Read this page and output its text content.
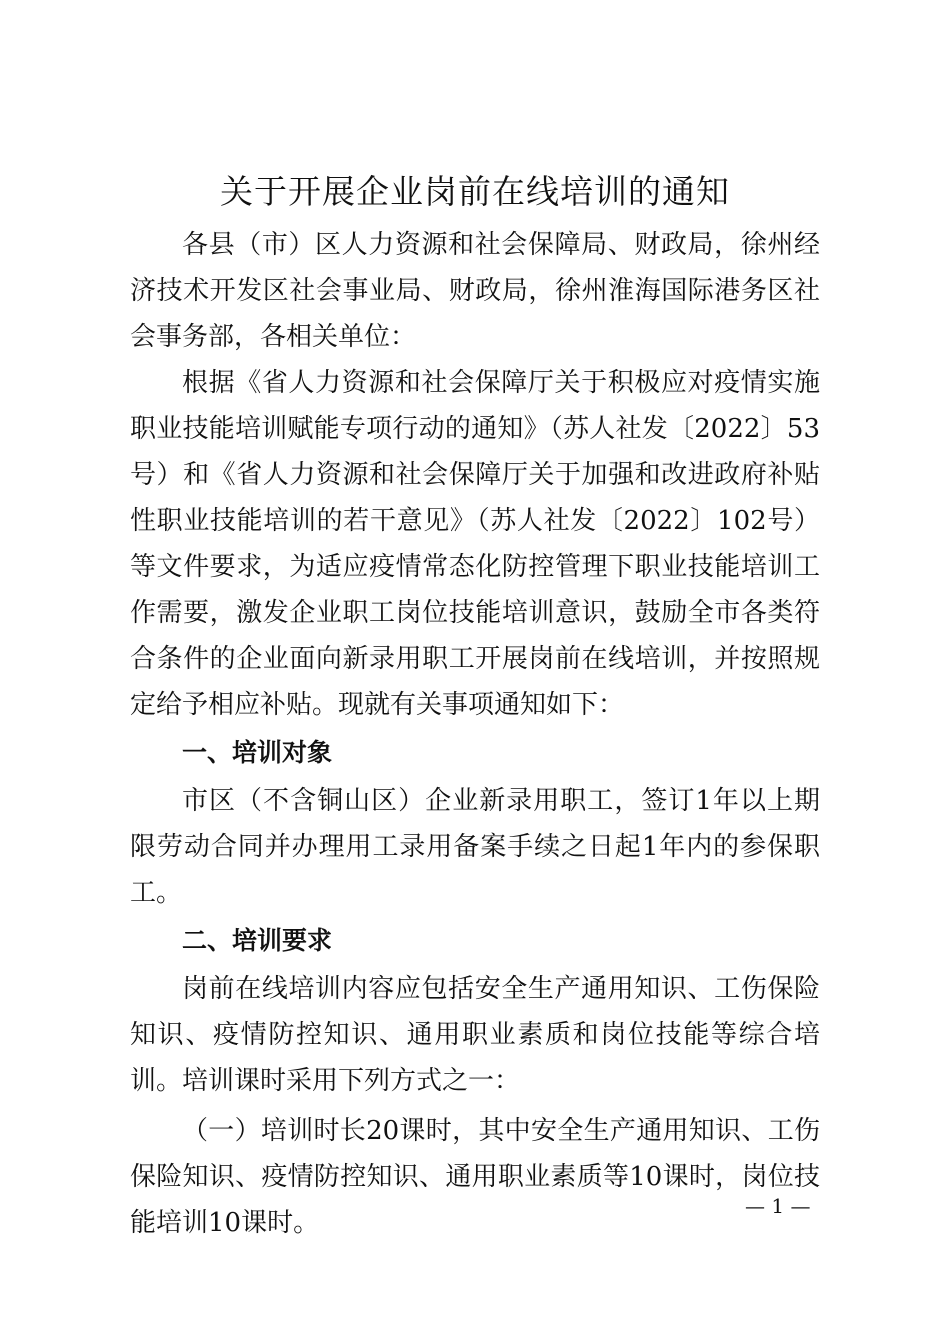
关于开展企业岗前在线培训的通知

各县（市）区人力资源和社会保障局、财政局，徐州经济技术开发区社会事业局、财政局，徐州淮海国际港务区社会事务部，各相关单位：

根据《省人力资源和社会保障厅关于积极应对疫情实施职业技能培训赋能专项行动的通知》（苏人社发〔2022〕53号）和《省人力资源和社会保障厅关于加强和改进政府补贴性职业技能培训的若干意见》（苏人社发〔2022〕102号）等文件要求，为适应疫情常态化防控管理下职业技能培训工作需要，激发企业职工岗位技能培训意识，鼓励全市各类符合条件的企业面向新录用职工开展岗前在线培训，并按照规定给予相应补贴。现就有关事项通知如下：

一、培训对象

市区（不含铜山区）企业新录用职工，签订1年以上期限劳动合同并办理用工录用备案手续之日起1年内的参保职工。

二、培训要求

岗前在线培训内容应包括安全生产通用知识、工伤保险知识、疫情防控知识、通用职业素质和岗位技能等综合培训。培训课时采用下列方式之一：

（一）培训时长20课时，其中安全生产通用知识、工伤保险知识、疫情防控知识、通用职业素质等10课时，岗位技能培训10课时。

— 1 —
